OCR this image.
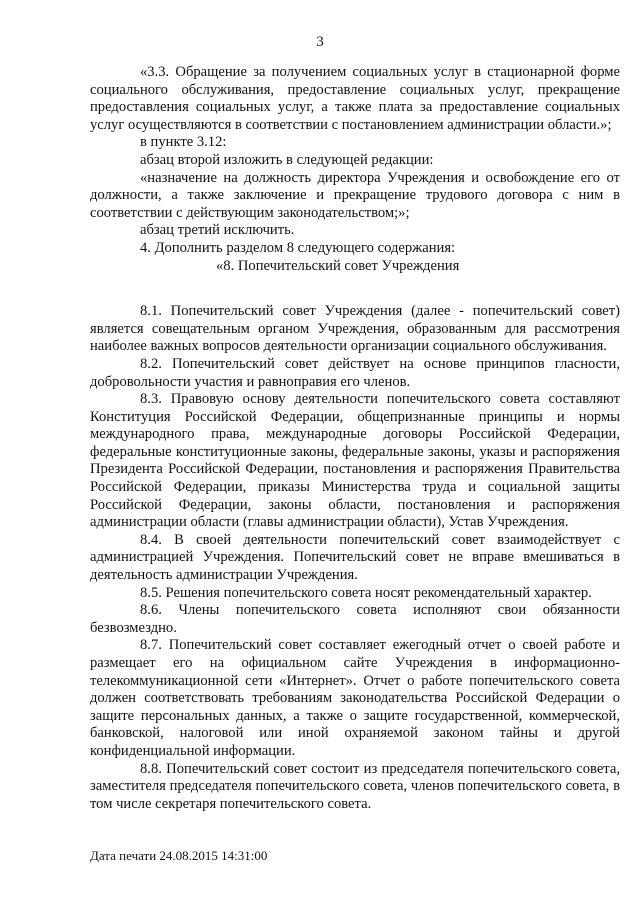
3

«3.3. Обращение за получением социальных услуг в стационарной форме социального обслуживания, предоставление социальных услуг, прекращение предоставления социальных услуг, а также плата за предоставление социальных услуг осуществляются в соответствии с постановлением администрации области.»;

в пункте 3.12:

абзац второй изложить в следующей редакции:

«назначение на должность директора Учреждения и освобождение его от должности, а также заключение и прекращение трудового договора с ним в соответствии с действующим законодательством;»;

абзац третий исключить.

4. Дополнить разделом 8 следующего содержания:

«8. Попечительский совет Учреждения

8.1. Попечительский совет Учреждения (далее - попечительский совет) является совещательным органом Учреждения, образованным для рассмотрения наиболее важных вопросов деятельности организации социального обслуживания.

8.2. Попечительский совет действует на основе принципов гласности, добровольности участия и равноправия его членов.

8.3. Правовую основу деятельности попечительского совета составляют Конституция Российской Федерации, общепризнанные принципы и нормы международного права, международные договоры Российской Федерации, федеральные конституционные законы, федеральные законы, указы и распоряжения Президента Российской Федерации, постановления и распоряжения Правительства Российской Федерации, приказы Министерства труда и социальной защиты Российской Федерации, законы области, постановления и распоряжения администрации области (главы администрации области), Устав Учреждения.

8.4. В своей деятельности попечительский совет взаимодействует с администрацией Учреждения. Попечительский совет не вправе вмешиваться в деятельность администрации Учреждения.

8.5. Решения попечительского совета носят рекомендательный характер.

8.6. Члены попечительского совета исполняют свои обязанности безвозмездно.

8.7. Попечительский совет составляет ежегодный отчет о своей работе и размещает его на официальном сайте Учреждения в информационно-телекоммуникационной сети «Интернет». Отчет о работе попечительского совета должен соответствовать требованиям законодательства Российской Федерации о защите персональных данных, а также о защите государственной, коммерческой, банковской, налоговой или иной охраняемой законом тайны и другой конфиденциальной информации.

8.8. Попечительский совет состоит из председателя попечительского совета, заместителя председателя попечительского совета, членов попечительского совета, в том числе секретаря попечительского совета.

Дата печати 24.08.2015 14:31:00
